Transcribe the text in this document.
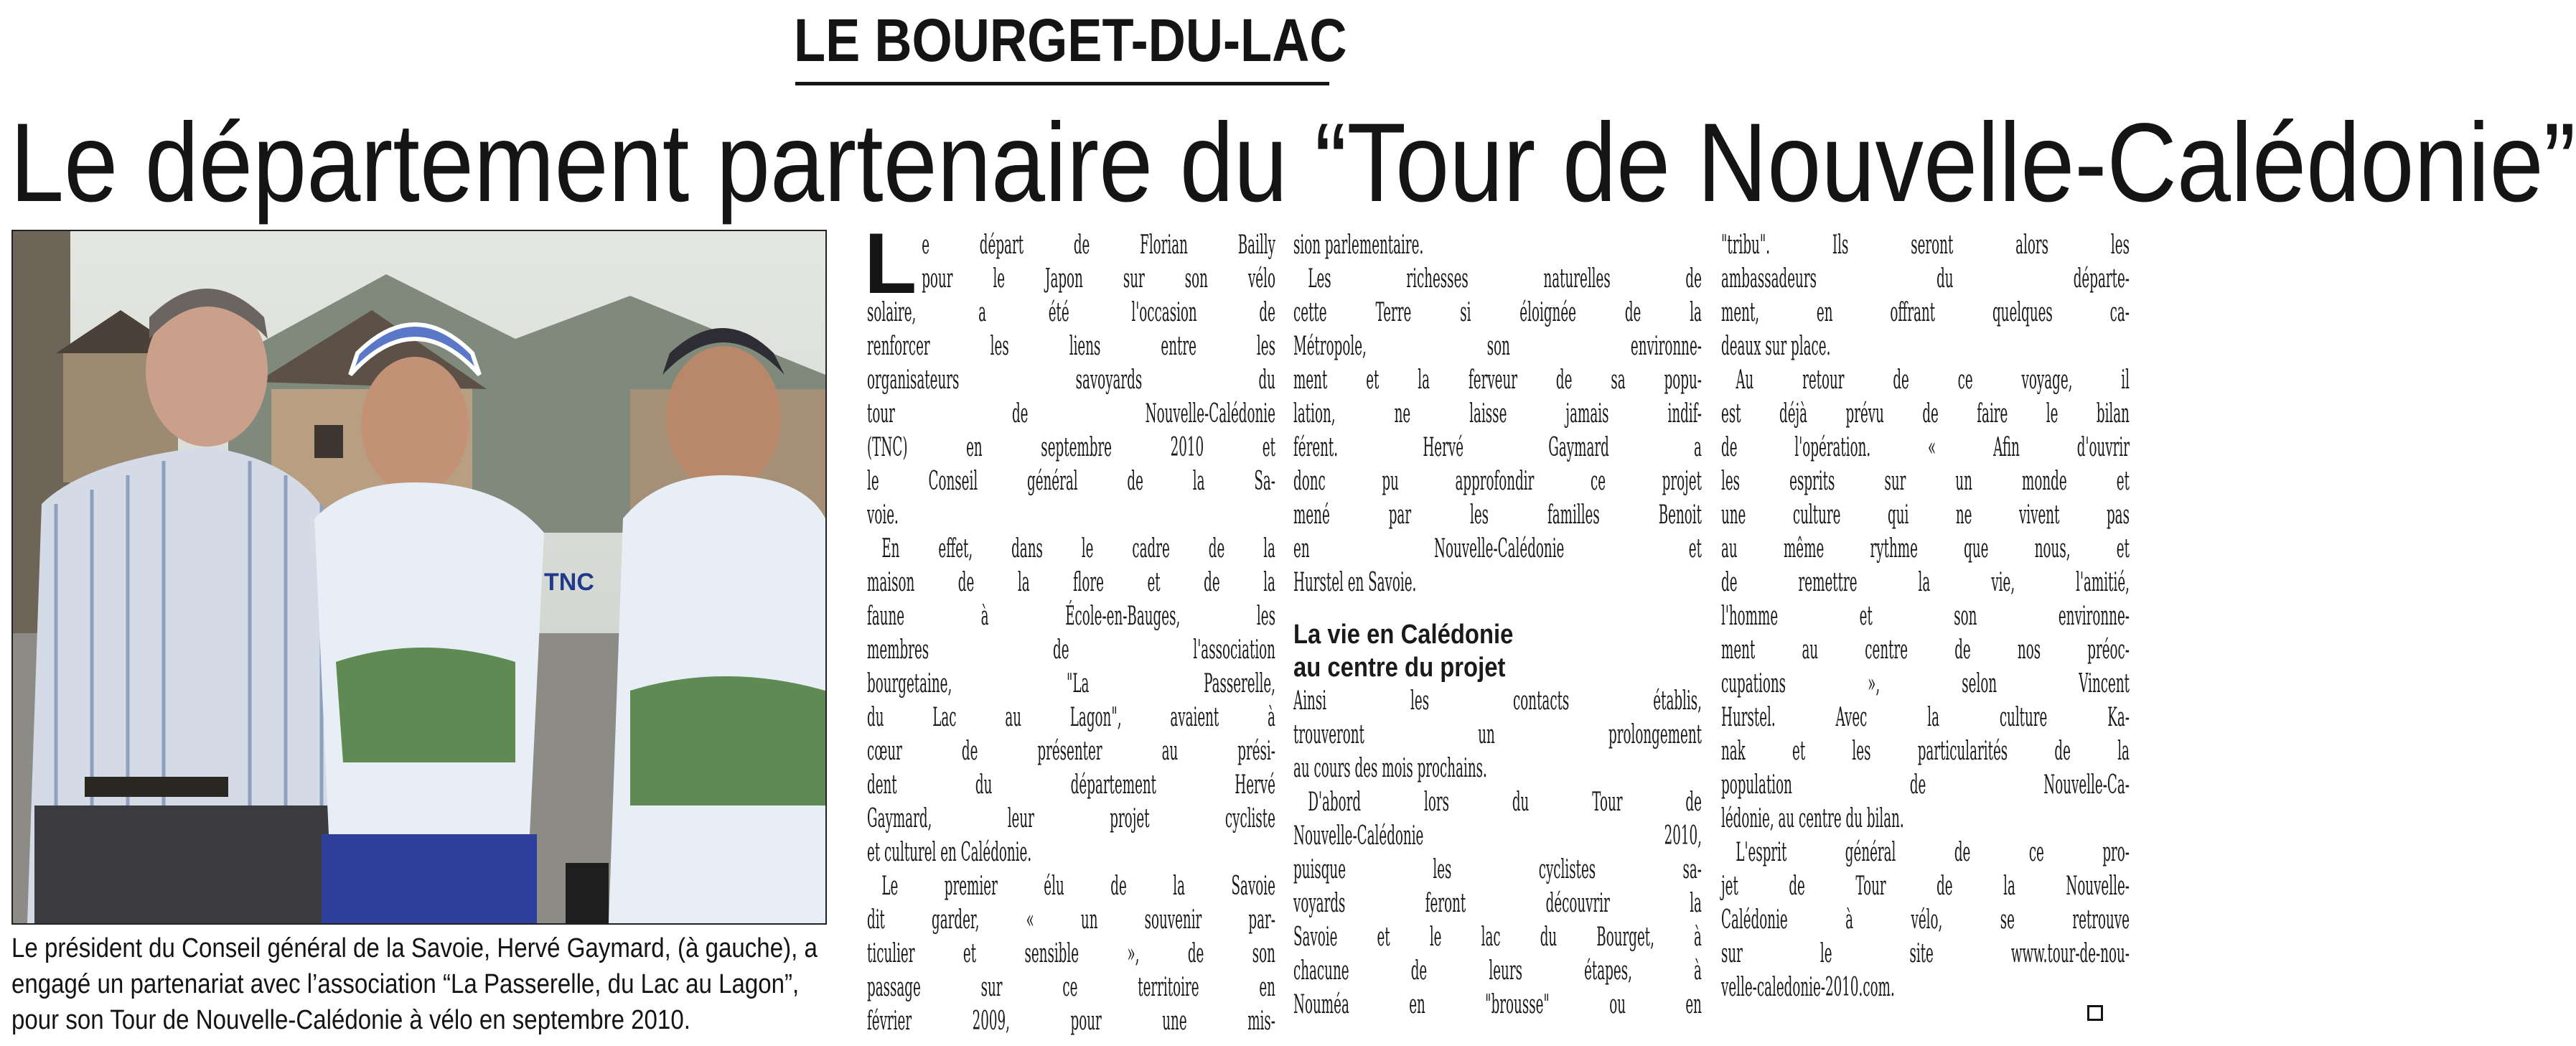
LE BOURGET-DU-LAC
Le département partenaire du “Tour de Nouvelle-Calédonie”
TNC
Le président du Conseil général de la Savoie, Hervé Gaymard, (à gauche), a
engagé un partenariat avec l’association “La Passerelle, du Lac au Lagon”,
pour son Tour de Nouvelle-Calédonie à vélo en septembre 2010.
L e départ de Florian Bailly
pour le Japon sur son vélo
solaire, a été l'occasion de
renforcer les liens entre les
organisateurs savoyards du
tour de Nouvelle-Calédonie
(TNC) en septembre 2010 et
le Conseil général de la Sa-
voie.
En effet, dans le cadre de la
maison de la flore et de la
faune à École-en-Bauges, les
membres de l'association
bourgetaine, "La Passerelle,
du Lac au Lagon", avaient à
cœur de présenter au prési-
dent du département Hervé
Gaymard, leur projet cycliste
et culturel en Calédonie.
Le premier élu de la Savoie
dit garder, « un souvenir par-
ticulier et sensible », de son
passage sur ce territoire en
février 2009, pour une mis-
sion parlementaire.
Les richesses naturelles de
cette Terre si éloignée de la
Métropole, son environne-
ment et la ferveur de sa popu-
lation, ne laisse jamais indif-
férent. Hervé Gaymard a
donc pu approfondir ce projet
mené par les familles Benoit
en Nouvelle-Calédonie et
Hurstel en Savoie.
La vie en Calédonie
au centre du projet
Ainsi les contacts établis,
trouveront un prolongement
au cours des mois prochains.
D'abord lors du Tour de
Nouvelle-Calédonie 2010,
puisque les cyclistes sa-
voyards feront découvrir la
Savoie et le lac du Bourget, à
chacune de leurs étapes, à
Nouméa en "brousse" ou en
"tribu". Ils seront alors les
ambassadeurs du départe-
ment, en offrant quelques ca-
deaux sur place.
Au retour de ce voyage, il
est déjà prévu de faire le bilan
de l'opération. « Afin d'ouvrir
les esprits sur un monde et
une culture qui ne vivent pas
au même rythme que nous, et
de remettre la vie, l'amitié,
l'homme et son environne-
ment au centre de nos préoc-
cupations », selon Vincent
Hurstel. Avec la culture Ka-
nak et les particularités de la
population de Nouvelle-Ca-
lédonie, au centre du bilan.
L'esprit général de ce pro-
jet de Tour de la Nouvelle-
Calédonie à vélo, se retrouve
sur le site www.tour-de-nou-
velle-caledonie-2010.com.
